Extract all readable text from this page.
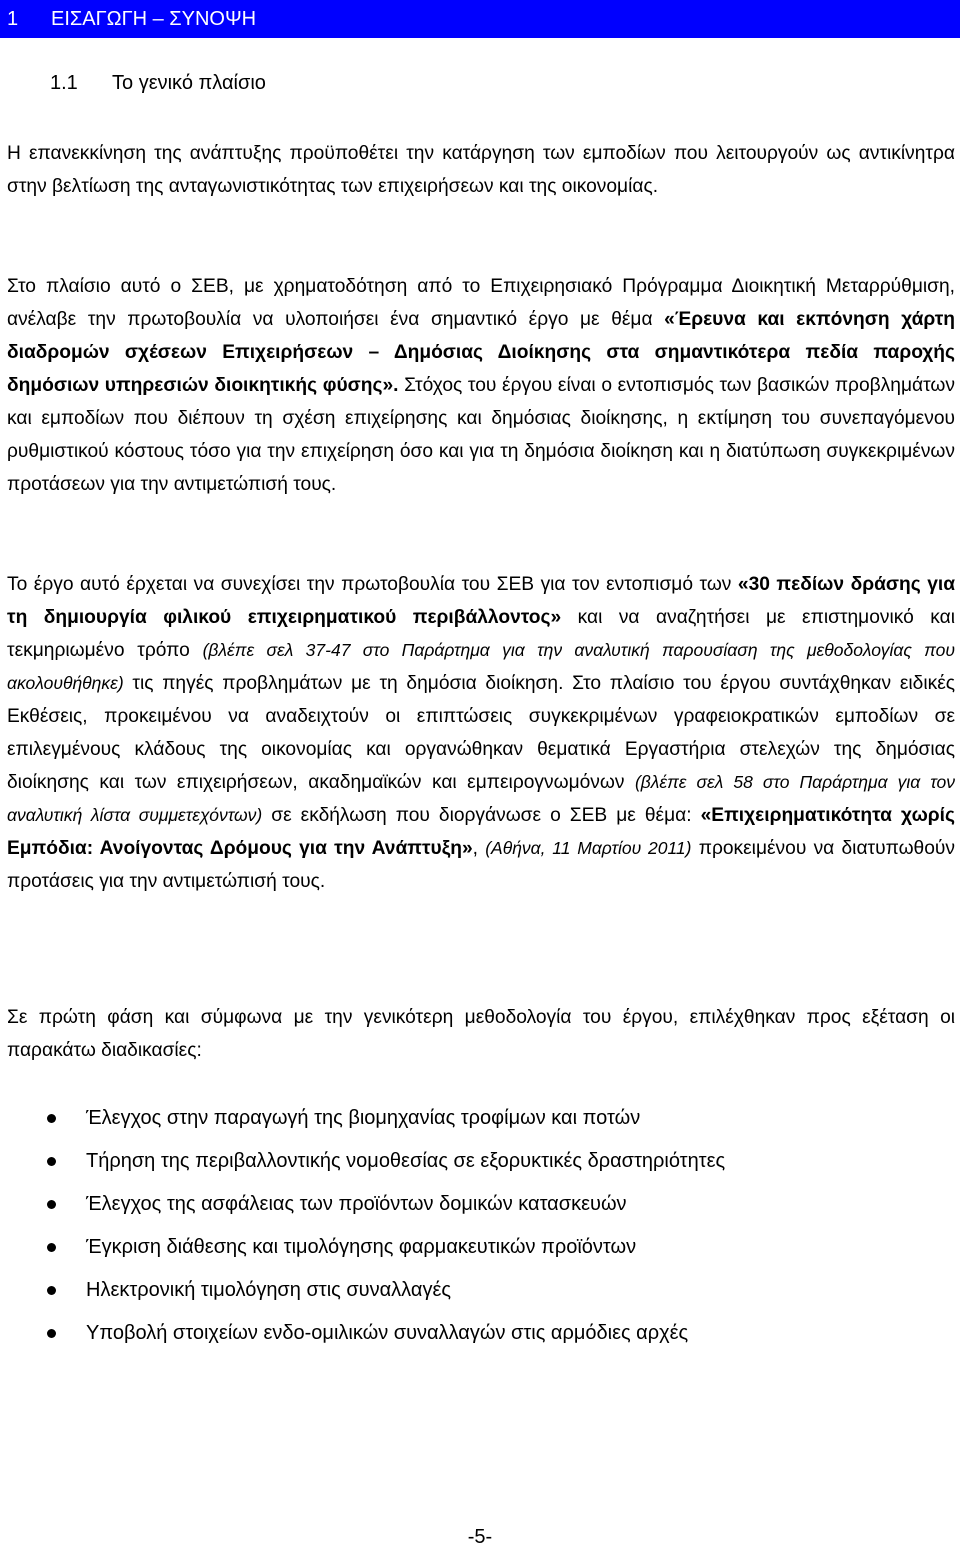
1 ΕΙΣΑΓΩΓΗ – ΣΥΝΟΨΗ
1.1 Το γενικό πλαίσιο

Η επανεκκίνηση της ανάπτυξης προϋποθέτει την κατάργηση των εμποδίων που λειτουργούν ως αντικίνητρα στην βελτίωση της ανταγωνιστικότητας των επιχειρήσεων και της οικονομίας.

Στο πλαίσιο αυτό ο ΣΕΒ, με χρηματοδότηση από το Επιχειρησιακό Πρόγραμμα Διοικητική Μεταρρύθμιση, ανέλαβε την πρωτοβουλία να υλοποιήσει ένα σημαντικό έργο με θέμα «Έρευνα και εκπόνηση χάρτη διαδρομών σχέσεων Επιχειρήσεων – Δημόσιας Διοίκησης στα σημαντικότερα πεδία παροχής δημόσιων υπηρεσιών διοικητικής φύσης». Στόχος του έργου είναι ο εντοπισμός των βασικών προβλημάτων και εμποδίων που διέπουν τη σχέση επιχείρησης και δημόσιας διοίκησης, η εκτίμηση του συνεπαγόμενου ρυθμιστικού κόστους τόσο για την επιχείρηση όσο και για τη δημόσια διοίκηση και η διατύπωση συγκεκριμένων προτάσεων για την αντιμετώπισή τους.

Το έργο αυτό έρχεται να συνεχίσει την πρωτοβουλία του ΣΕΒ για τον εντοπισμό των «30 πεδίων δράσης για τη δημιουργία φιλικού επιχειρηματικού περιβάλλοντος» και να αναζητήσει με επιστημονικό και τεκμηριωμένο τρόπο (βλέπε σελ 37-47 στο Παράρτημα για την αναλυτική παρουσίαση της μεθοδολογίας που ακολουθήθηκε) τις πηγές προβλημάτων με τη δημόσια διοίκηση. Στο πλαίσιο του έργου συντάχθηκαν ειδικές Εκθέσεις, προκειμένου να αναδειχτούν οι επιπτώσεις συγκεκριμένων γραφειοκρατικών εμποδίων σε επιλεγμένους κλάδους της οικονομίας και οργανώθηκαν θεματικά Εργαστήρια στελεχών της δημόσιας διοίκησης και των επιχειρήσεων, ακαδημαϊκών και εμπειρογνωμόνων (βλέπε σελ 58 στο Παράρτημα για τον αναλυτική λίστα συμμετεχόντων) σε εκδήλωση που διοργάνωσε ο ΣΕΒ με θέμα: «Επιχειρηματικότητα χωρίς Εμπόδια: Ανοίγοντας Δρόμους για την Ανάπτυξη», (Αθήνα, 11 Μαρτίου 2011) προκειμένου να διατυπωθούν προτάσεις για την αντιμετώπισή τους.

Σε πρώτη φάση και σύμφωνα με την γενικότερη μεθοδολογία του έργου, επιλέχθηκαν προς εξέταση οι παρακάτω διαδικασίες:

Έλεγχος στην παραγωγή της βιομηχανίας τροφίμων και ποτών
Τήρηση της περιβαλλοντικής νομοθεσίας σε εξορυκτικές δραστηριότητες
Έλεγχος της ασφάλειας των προϊόντων δομικών κατασκευών
Έγκριση διάθεσης και τιμολόγησης φαρμακευτικών προϊόντων
Ηλεκτρονική τιμολόγηση στις συναλλαγές
Υποβολή στοιχείων ενδο-ομιλικών συναλλαγών στις αρμόδιες αρχές
-5-
